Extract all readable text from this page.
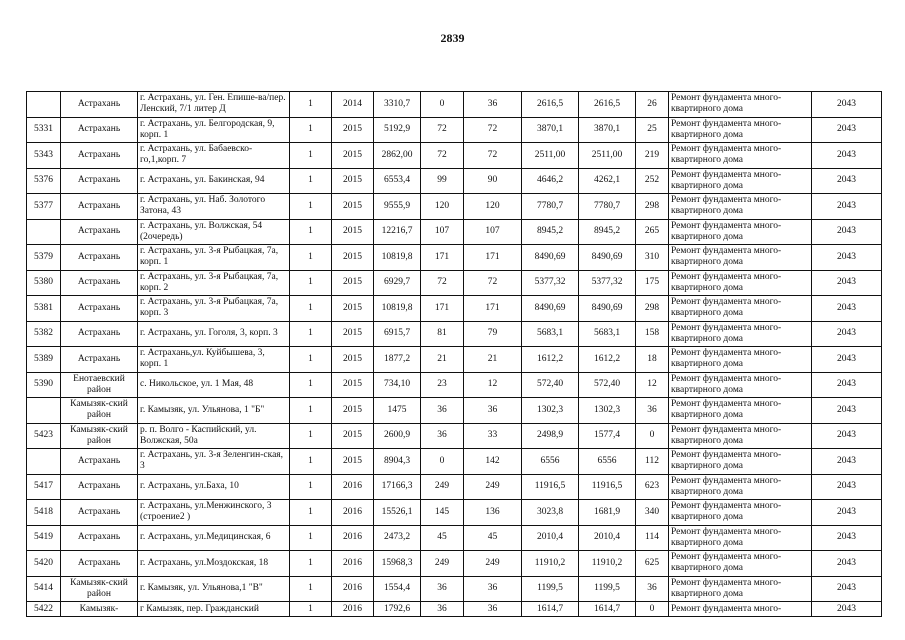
2839
	Астрахань	г. Астрахань, ул. Ген. Епише-ва/пер. Ленский, 7/1 литер Д	1	2014	3310,7	0	36	2616,5	2616,5	26	Ремонт фундамента много-квартирного дома	2043
5331	Астрахань	г. Астрахань, ул. Белгородская, 9, корп. 1	1	2015	5192,9	72	72	3870,1	3870,1	25	Ремонт фундамента много-квартирного дома	2043
5343	Астрахань	г. Астрахань, ул. Бабаевско-го,1,корп. 7	1	2015	2862,00	72	72	2511,00	2511,00	219	Ремонт фундамента много-квартирного дома	2043
5376	Астрахань	г. Астрахань, ул. Бакинская, 94	1	2015	6553,4	99	90	4646,2	4262,1	252	Ремонт фундамента много-квартирного дома	2043
5377	Астрахань	г. Астрахань, ул. Наб. Золотого Затона, 43	1	2015	9555,9	120	120	7780,7	7780,7	298	Ремонт фундамента много-квартирного дома	2043
	Астрахань	г. Астрахань, ул. Волжская, 54 (2очередь)	1	2015	12216,7	107	107	8945,2	8945,2	265	Ремонт фундамента много-квартирного дома	2043
5379	Астрахань	г. Астрахань, ул. 3-я Рыбацкая, 7а, корп. 1	1	2015	10819,8	171	171	8490,69	8490,69	310	Ремонт фундамента много-квартирного дома	2043
5380	Астрахань	г. Астрахань, ул. 3-я Рыбацкая, 7а, корп. 2	1	2015	6929,7	72	72	5377,32	5377,32	175	Ремонт фундамента много-квартирного дома	2043
5381	Астрахань	г. Астрахань, ул. 3-я Рыбацкая, 7а, корп. 3	1	2015	10819,8	171	171	8490,69	8490,69	298	Ремонт фундамента много-квартирного дома	2043
5382	Астрахань	г. Астрахань, ул. Гоголя, 3, корп. 3	1	2015	6915,7	81	79	5683,1	5683,1	158	Ремонт фундамента много-квартирного дома	2043
5389	Астрахань	г. Астрахань,ул. Куйбышева, 3, корп. 1	1	2015	1877,2	21	21	1612,2	1612,2	18	Ремонт фундамента много-квартирного дома	2043
5390	Енотаевский район	с. Никольское, ул. 1 Мая, 48	1	2015	734,10	23	12	572,40	572,40	12	Ремонт фундамента много-квартирного дома	2043
	Камызяк-ский район	г. Камызяк, ул. Ульянова, 1 "Б"	1	2015	1475	36	36	1302,3	1302,3	36	Ремонт фундамента много-квартирного дома	2043
5423	Камызяк-ский район	р. п. Волго - Каспийский, ул. Волжская, 50а	1	2015	2600,9	36	33	2498,9	1577,4	0	Ремонт фундамента много-квартирного дома	2043
	Астрахань	г. Астрахань, ул. 3-я Зеленгин-ская, 3	1	2015	8904,3	0	142	6556	6556	112	Ремонт фундамента много-квартирного дома	2043
5417	Астрахань	г. Астрахань, ул.Баха, 10	1	2016	17166,3	249	249	11916,5	11916,5	623	Ремонт фундамента много-квартирного дома	2043
5418	Астрахань	г. Астрахань, ул.Менжинского, 3 (строение2 )	1	2016	15526,1	145	136	3023,8	1681,9	340	Ремонт фундамента много-квартирного дома	2043
5419	Астрахань	г. Астрахань, ул.Медицинская, 6	1	2016	2473,2	45	45	2010,4	2010,4	114	Ремонт фундамента много-квартирного дома	2043
5420	Астрахань	г. Астрахань, ул.Моздокская, 18	1	2016	15968,3	249	249	11910,2	11910,2	625	Ремонт фундамента много-квартирного дома	2043
5414	Камызяк-ский район	г. Камызяк, ул. Ульянова,1 "В"	1	2016	1554,4	36	36	1199,5	1199,5	36	Ремонт фундамента много-квартирного дома	2043
5422	Камызяк-	г Камызяк, пер. Гражданский	1	2016	1792,6	36	36	1614,7	1614,7	0	Ремонт фундамента много-	2043
